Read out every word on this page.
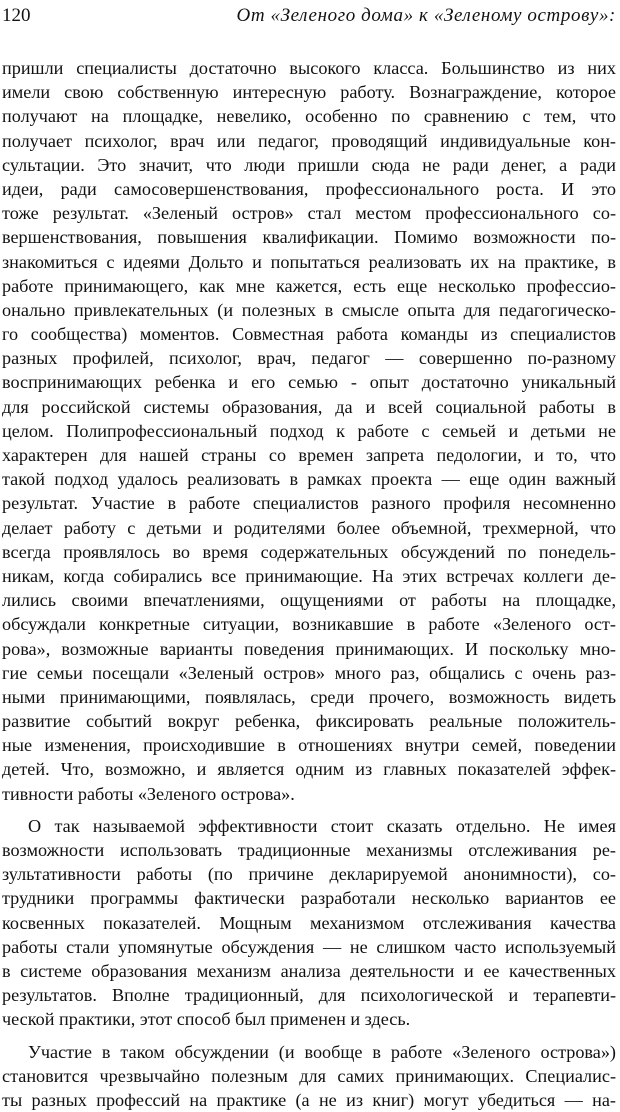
120	От «Зеленого дома» к «Зеленому острову»:
пришли специалисты достаточно высокого класса. Большинство из них
имели свою собственную интересную работу. Вознаграждение, которое
получают на площадке, невелико, особенно по сравнению с тем, что
получает психолог, врач или педагог, проводящий индивидуальные кон-
сультации. Это значит, что люди пришли сюда не ради денег, а ради
идеи, ради самосовершенствования, профессионального роста. И это
тоже результат. «Зеленый остров» стал местом профессионального со-
вершенствования, повышения квалификации. Помимо возможности по-
знакомиться с идеями Дольто и попытаться реализовать их на практике, в
работе принимающего, как мне кажется, есть еще несколько профессио-
онально привлекательных (и полезных в смысле опыта для педагогическо-
го сообщества) моментов. Совместная работа команды из специалистов
разных профилей, психолог, врач, педагог — совершенно по-разному
воспринимающих ребенка и его семью - опыт достаточно уникальный
для российской системы образования, да и всей социальной работы в
целом. Полипрофессиональный подход к работе с семьей и детьми не
характерен для нашей страны со времен запрета педологии, и то, что
такой подход удалось реализовать в рамках проекта — еще один важный
результат. Участие в работе специалистов разного профиля несомненно
делает работу с детьми и родителями более объемной, трехмерной, что
всегда проявлялось во время содержательных обсуждений по понедель-
никам, когда собирались все принимающие. На этих встречах коллеги де-
лились своими впечатлениями, ощущениями от работы на площадке,
обсуждали конкретные ситуации, возникавшие в работе «Зеленого ост-
рова», возможные варианты поведения принимающих. И поскольку мно-
гие семьи посещали «Зеленый остров» много раз, общались с очень раз-
ными принимающими, появлялась, среди прочего, возможность видеть
развитие событий вокруг ребенка, фиксировать реальные положитель-
ные изменения, происходившие в отношениях внутри семей, поведении
детей. Что, возможно, и является одним из главных показателей эффек-
тивности работы «Зеленого острова».
О так называемой эффективности стоит сказать отдельно. Не имея
возможности использовать традиционные механизмы отслеживания ре-
зультативности работы (по причине декларируемой анонимности), со-
трудники программы фактически разработали несколько вариантов ее
косвенных показателей. Мощным механизмом отслеживания качества
работы стали упомянутые обсуждения — не слишком часто используемый
в системе образования механизм анализа деятельности и ее качественных
результатов. Вполне традиционный, для психологической и терапевти-
ческой практики, этот способ был применен и здесь.
Участие в таком обсуждении (и вообще в работе «Зеленого острова»)
становится чрезвычайно полезным для самих принимающих. Специалис-
ты разных профессий на практике (а не из книг) могут убедиться — на-
